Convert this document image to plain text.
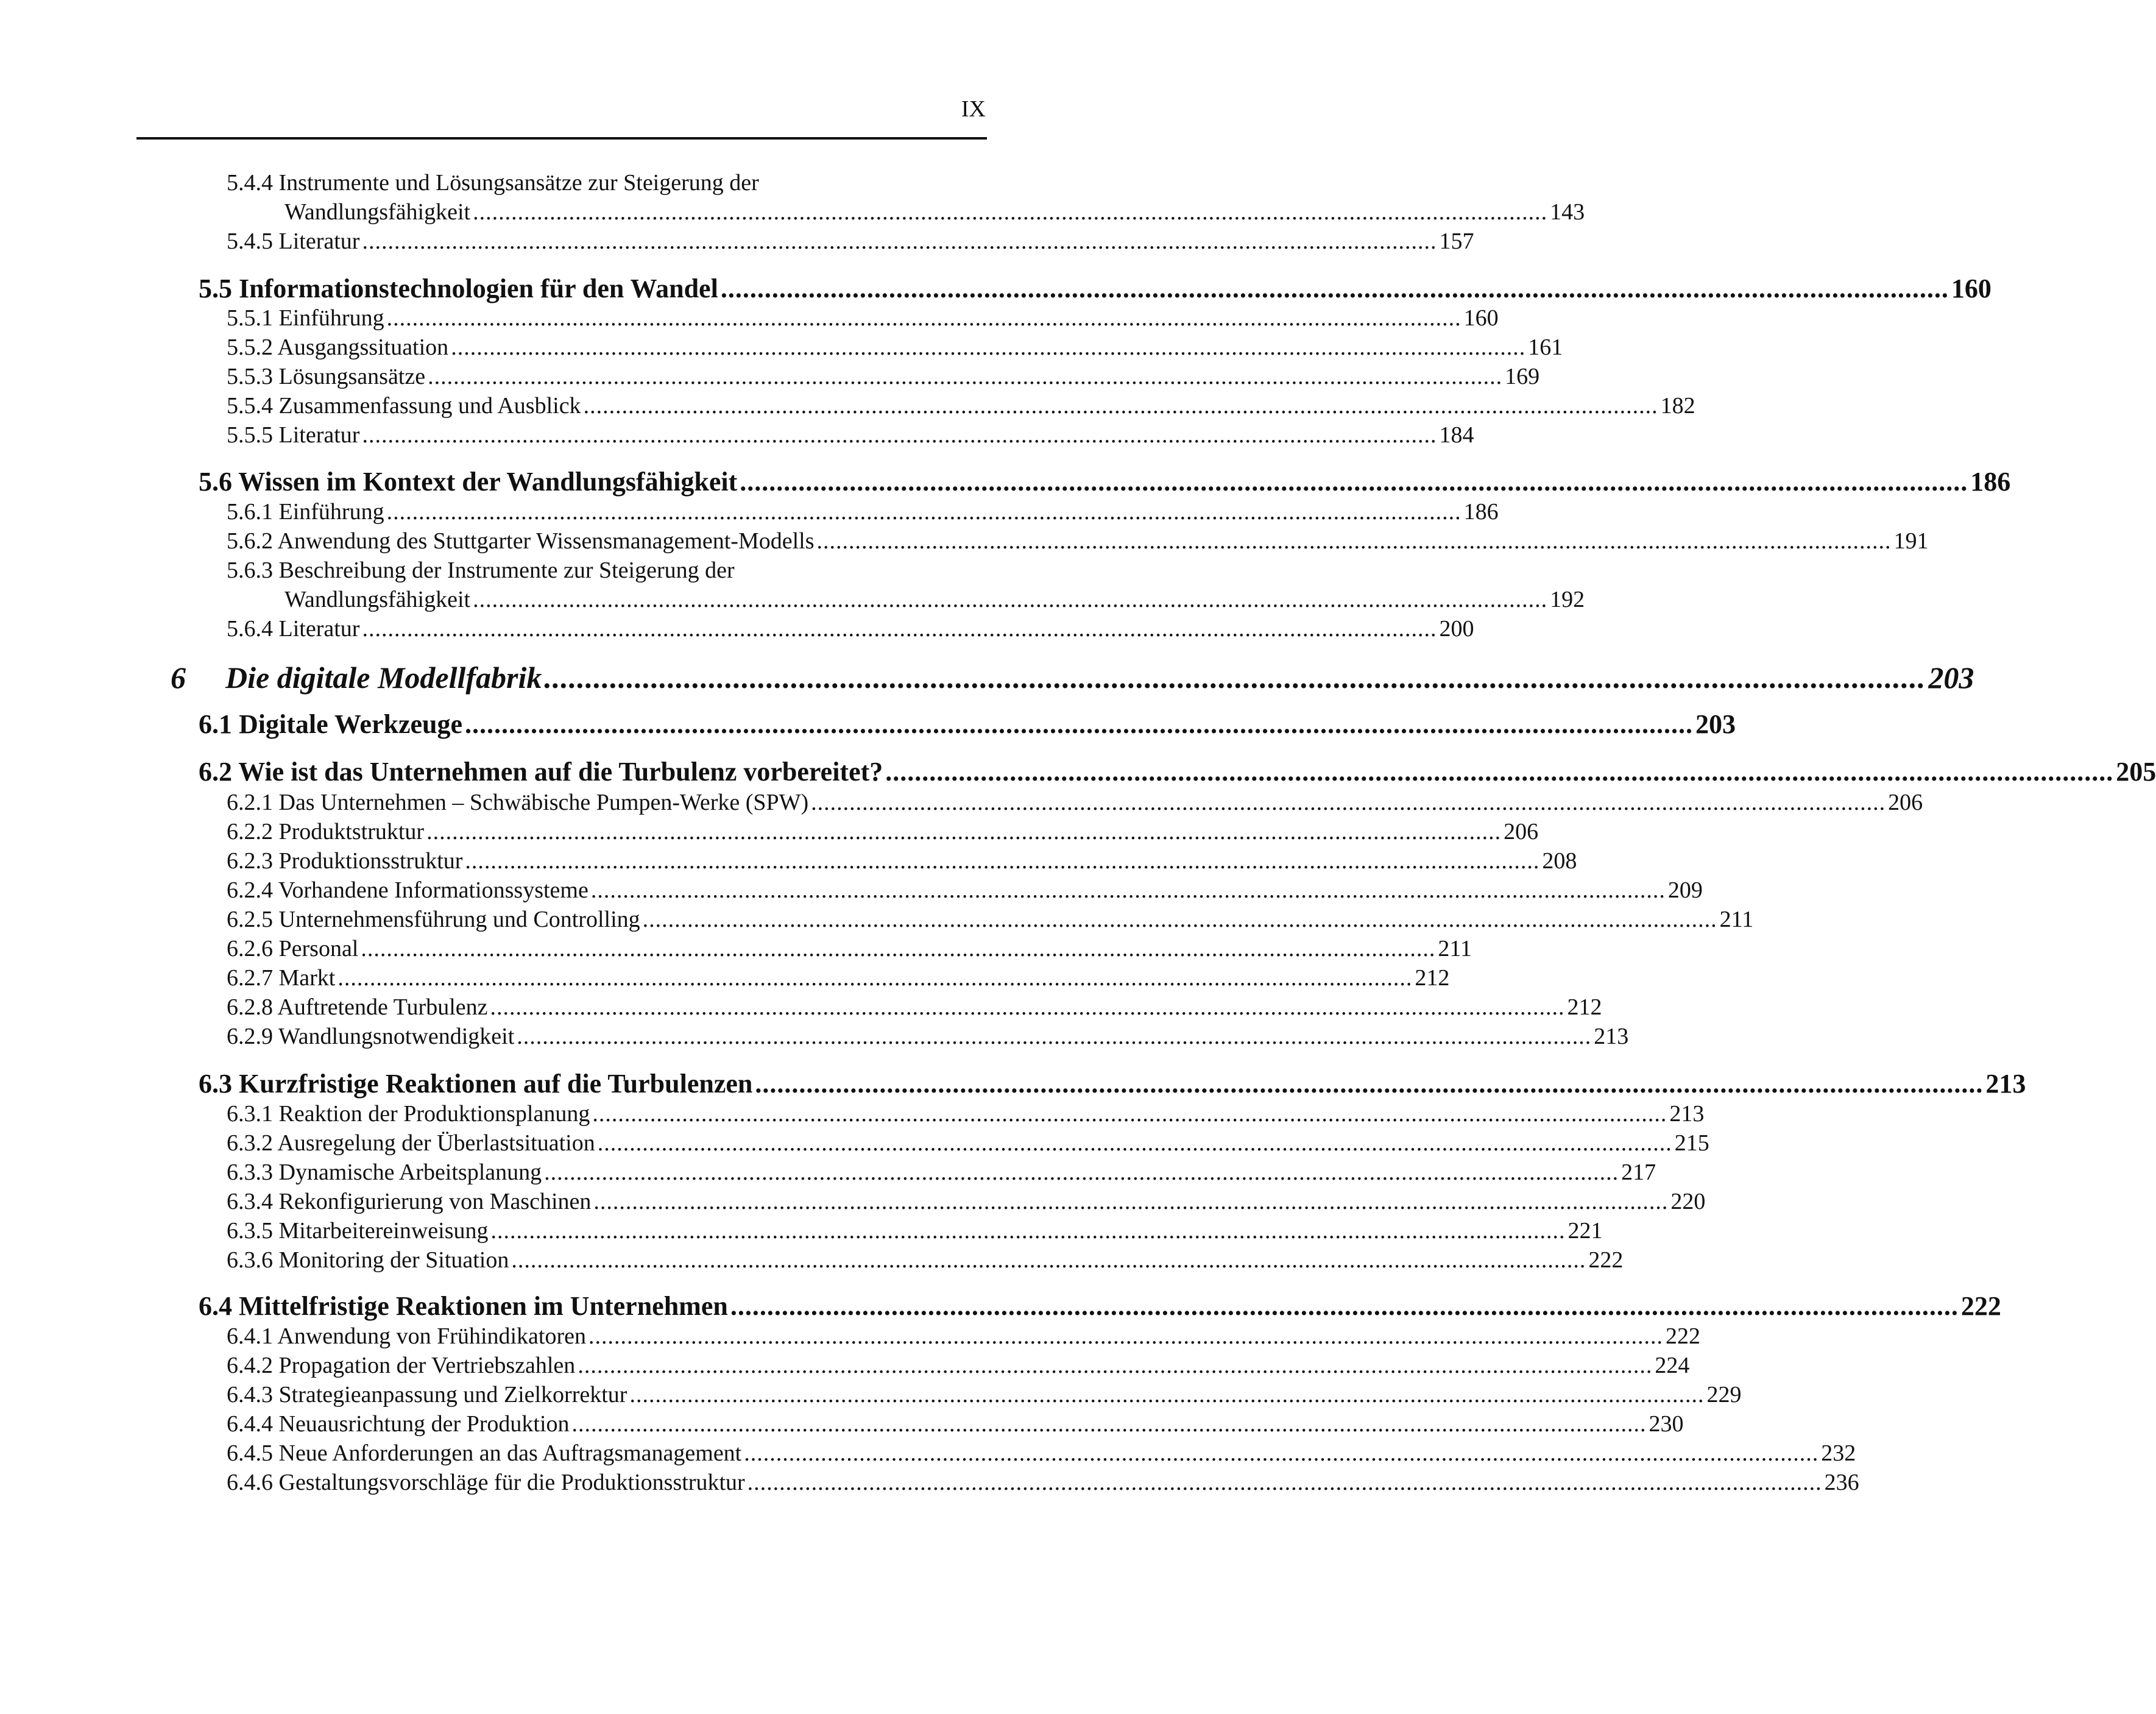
IX
5.4.4 Instrumente und Lösungsansätze zur Steigerung der
Wandlungsfähigkeit ........................................................................................................................................................................ 143
5.4.5 Literatur ........................................................................................................................................................................ 157
5.5 Informationstechnologien für den Wandel ........................................................................................................................................................................ 160
5.5.1 Einführung ........................................................................................................................................................................ 160
5.5.2 Ausgangssituation ........................................................................................................................................................................ 161
5.5.3 Lösungsansätze ........................................................................................................................................................................ 169
5.5.4 Zusammenfassung und Ausblick ........................................................................................................................................................................ 182
5.5.5 Literatur ........................................................................................................................................................................ 184
5.6 Wissen im Kontext der Wandlungsfähigkeit ........................................................................................................................................................................ 186
5.6.1 Einführung ........................................................................................................................................................................ 186
5.6.2 Anwendung des Stuttgarter Wissensmanagement-Modells ........................................................................................................................................................................ 191
5.6.3 Beschreibung der Instrumente zur Steigerung der
Wandlungsfähigkeit ........................................................................................................................................................................ 192
5.6.4 Literatur ........................................................................................................................................................................ 200
6	Die digitale Modellfabrik ........................................................................................................................................................................ 203
6.1 Digitale Werkzeuge ........................................................................................................................................................................ 203
6.2 Wie ist das Unternehmen auf die Turbulenz vorbereitet? ........................................................................................................................................................................ 205
6.2.1 Das Unternehmen – Schwäbische Pumpen-Werke (SPW) ........................................................................................................................................................................ 206
6.2.2 Produktstruktur ........................................................................................................................................................................ 206
6.2.3 Produktionsstruktur ........................................................................................................................................................................ 208
6.2.4 Vorhandene Informationssysteme ........................................................................................................................................................................ 209
6.2.5 Unternehmensführung und Controlling ........................................................................................................................................................................ 211
6.2.6 Personal ........................................................................................................................................................................ 211
6.2.7 Markt ........................................................................................................................................................................ 212
6.2.8 Auftretende Turbulenz ........................................................................................................................................................................ 212
6.2.9 Wandlungsnotwendigkeit ........................................................................................................................................................................ 213
6.3 Kurzfristige Reaktionen auf die Turbulenzen ........................................................................................................................................................................ 213
6.3.1 Reaktion der Produktionsplanung ........................................................................................................................................................................ 213
6.3.2 Ausregelung der Überlastsituation ........................................................................................................................................................................ 215
6.3.3 Dynamische Arbeitsplanung ........................................................................................................................................................................ 217
6.3.4 Rekonfigurierung von Maschinen ........................................................................................................................................................................ 220
6.3.5 Mitarbeitereinweisung ........................................................................................................................................................................ 221
6.3.6 Monitoring der Situation ........................................................................................................................................................................ 222
6.4 Mittelfristige Reaktionen im Unternehmen ........................................................................................................................................................................ 222
6.4.1 Anwendung von Frühindikatoren ........................................................................................................................................................................ 222
6.4.2 Propagation der Vertriebszahlen ........................................................................................................................................................................ 224
6.4.3 Strategieanpassung und Zielkorrektur ........................................................................................................................................................................ 229
6.4.4 Neuausrichtung der Produktion ........................................................................................................................................................................ 230
6.4.5 Neue Anforderungen an das Auftragsmanagement ........................................................................................................................................................................ 232
6.4.6 Gestaltungsvorschläge für die Produktionsstruktur ........................................................................................................................................................................ 236
